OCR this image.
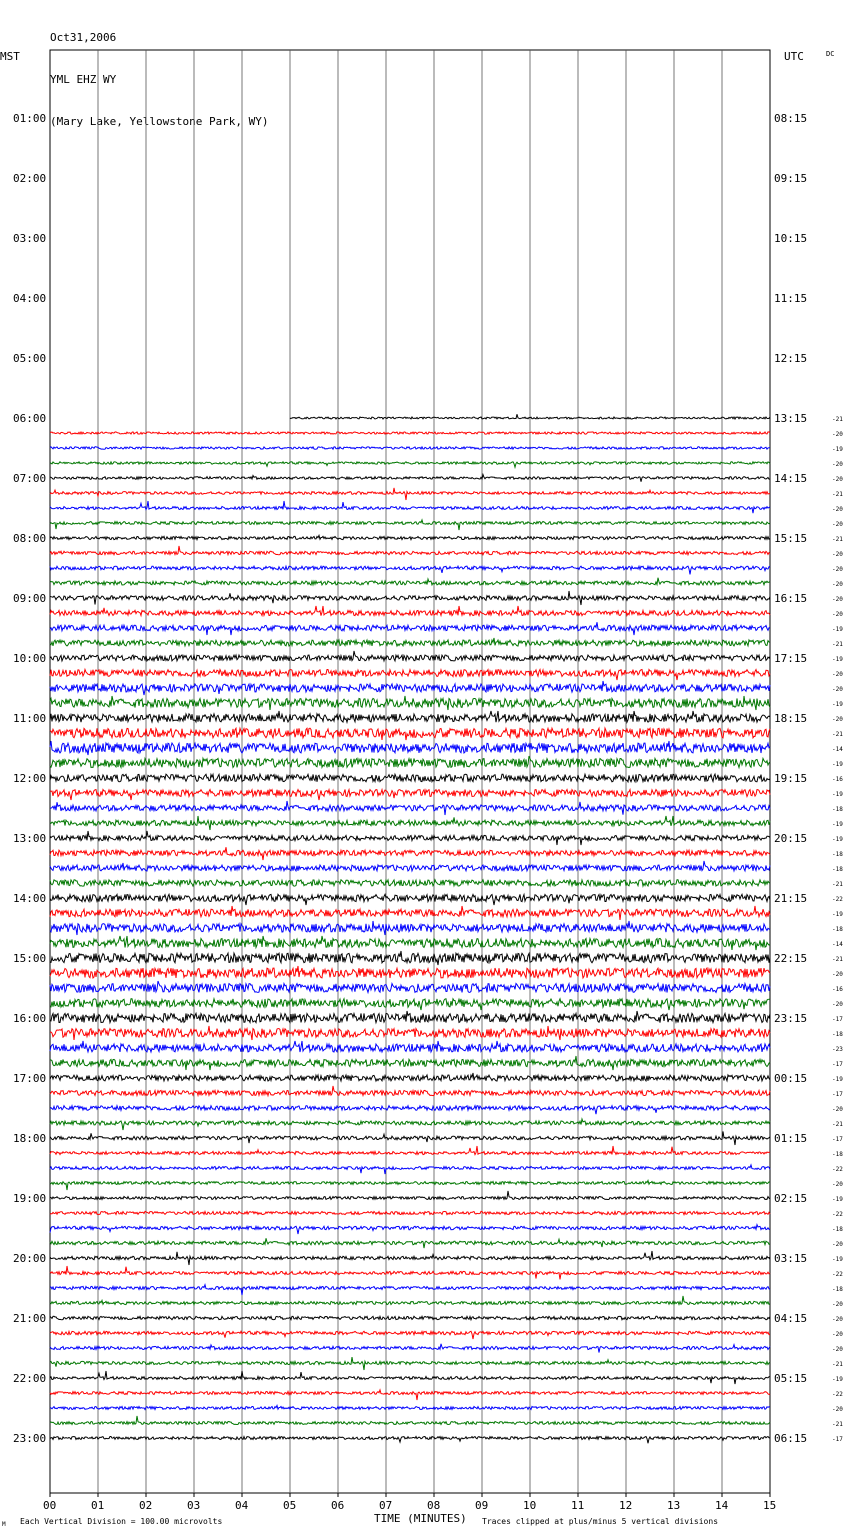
Oct31,2006

YML EHZ WY

(Mary Lake, Yellowstone Park, WY)

00	01	02	03	04	05	06	07	08	09	10	11	12	13	14	15
01:00
02:00
03:00
04:00
05:00
06:00
07:00
08:00
09:00
10:00
11:00
12:00
13:00
14:00
15:00
16:00
17:00
18:00
19:00
20:00
21:00
22:00
23:00
08:15
09:15
10:15
11:15
12:15
13:15
14:15
15:15
16:15
17:15
18:15
19:15
20:15
21:15
22:15
23:15
00:15
01:15
02:15
03:15
04:15
05:15
06:15
-21
-20
-19
-20
-20
-21
-20
-20
-21
-20
-20
-20
-20
-20
-19
-21
-19
-20
-20
-19
-20
-21
-14
-19
-16
-19
-18
-19
-19
-18
-18
-21
-22
-19
-18
-14
-21
-20
-16
-20
-17
-18
-23
-17
-19
-17
-20
-21
-17
-18
-22
-20
-19
-22
-18
-20
-19
-22
-18
-20
-20
-20
-20
-21
-19
-22
-20
-21
-17
MST	UTC	DC
TIME (MINUTES)
Each Vertical Division = 100.00 microvolts	Traces clipped at plus/minus 5 vertical divisions
M
